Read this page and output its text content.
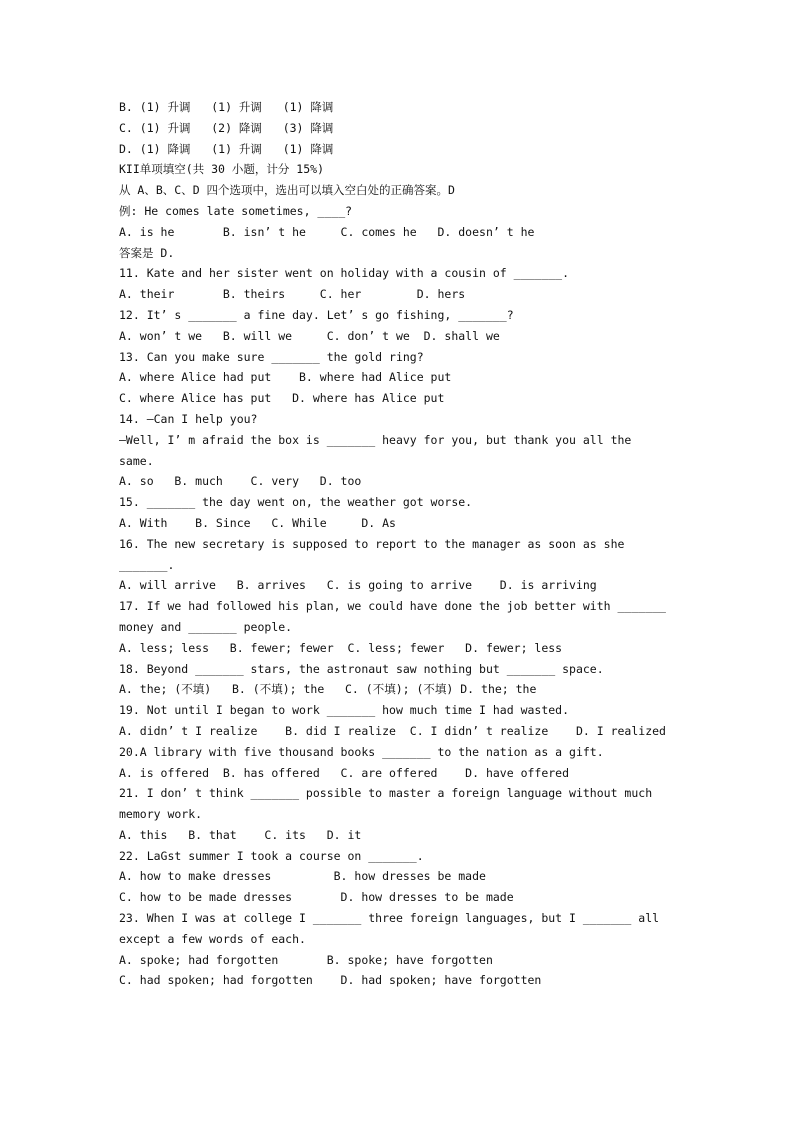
B. (1) 升调   (1) 升调   (1) 降调
C. (1) 升调   (2) 降调   (3) 降调
D. (1) 降调   (1) 升调   (1) 降调
KII单项填空(共 30 小题，计分 15%)
从 A、B、C、D 四个选项中，选出可以填入空白处的正确答案。D
例: He comes late sometimes, ____?
A. is he       B. isn’ t he     C. comes he   D. doesn’ t he
答案是 D.
11. Kate and her sister went on holiday with a cousin of _______.
A. their       B. theirs     C. her        D. hers
12. It’ s _______ a fine day. Let’ s go fishing, _______?
A. won’ t we   B. will we     C. don’ t we  D. shall we
13. Can you make sure _______ the gold ring?
A. where Alice had put    B. where had Alice put
C. where Alice has put   D. where has Alice put
14. —Can I help you?
—Well, I’ m afraid the box is _______ heavy for you, but thank you all the
same.
A. so   B. much    C. very   D. too
15. _______ the day went on, the weather got worse.
A. With    B. Since   C. While     D. As
16. The new secretary is supposed to report to the manager as soon as she
_______.
A. will arrive   B. arrives   C. is going to arrive    D. is arriving
17. If we had followed his plan, we could have done the job better with _______
money and _______ people.
A. less; less   B. fewer; fewer  C. less; fewer   D. fewer; less
18. Beyond _______ stars, the astronaut saw nothing but _______ space.
A. the; (不填)   B. (不填); the   C. (不填); (不填) D. the; the
19. Not until I began to work _______ how much time I had wasted.
A. didn’ t I realize    B. did I realize  C. I didn’ t realize    D. I realized
20.A library with five thousand books _______ to the nation as a gift.
A. is offered  B. has offered   C. are offered    D. have offered
21. I don’ t think _______ possible to master a foreign language without much
memory work.
A. this   B. that    C. its   D. it
22. LaGst summer I took a course on _______.
A. how to make dresses         B. how dresses be made
C. how to be made dresses       D. how dresses to be made
23. When I was at college I _______ three foreign languages, but I _______ all
except a few words of each.
A. spoke; had forgotten       B. spoke; have forgotten
C. had spoken; had forgotten    D. had spoken; have forgotten
